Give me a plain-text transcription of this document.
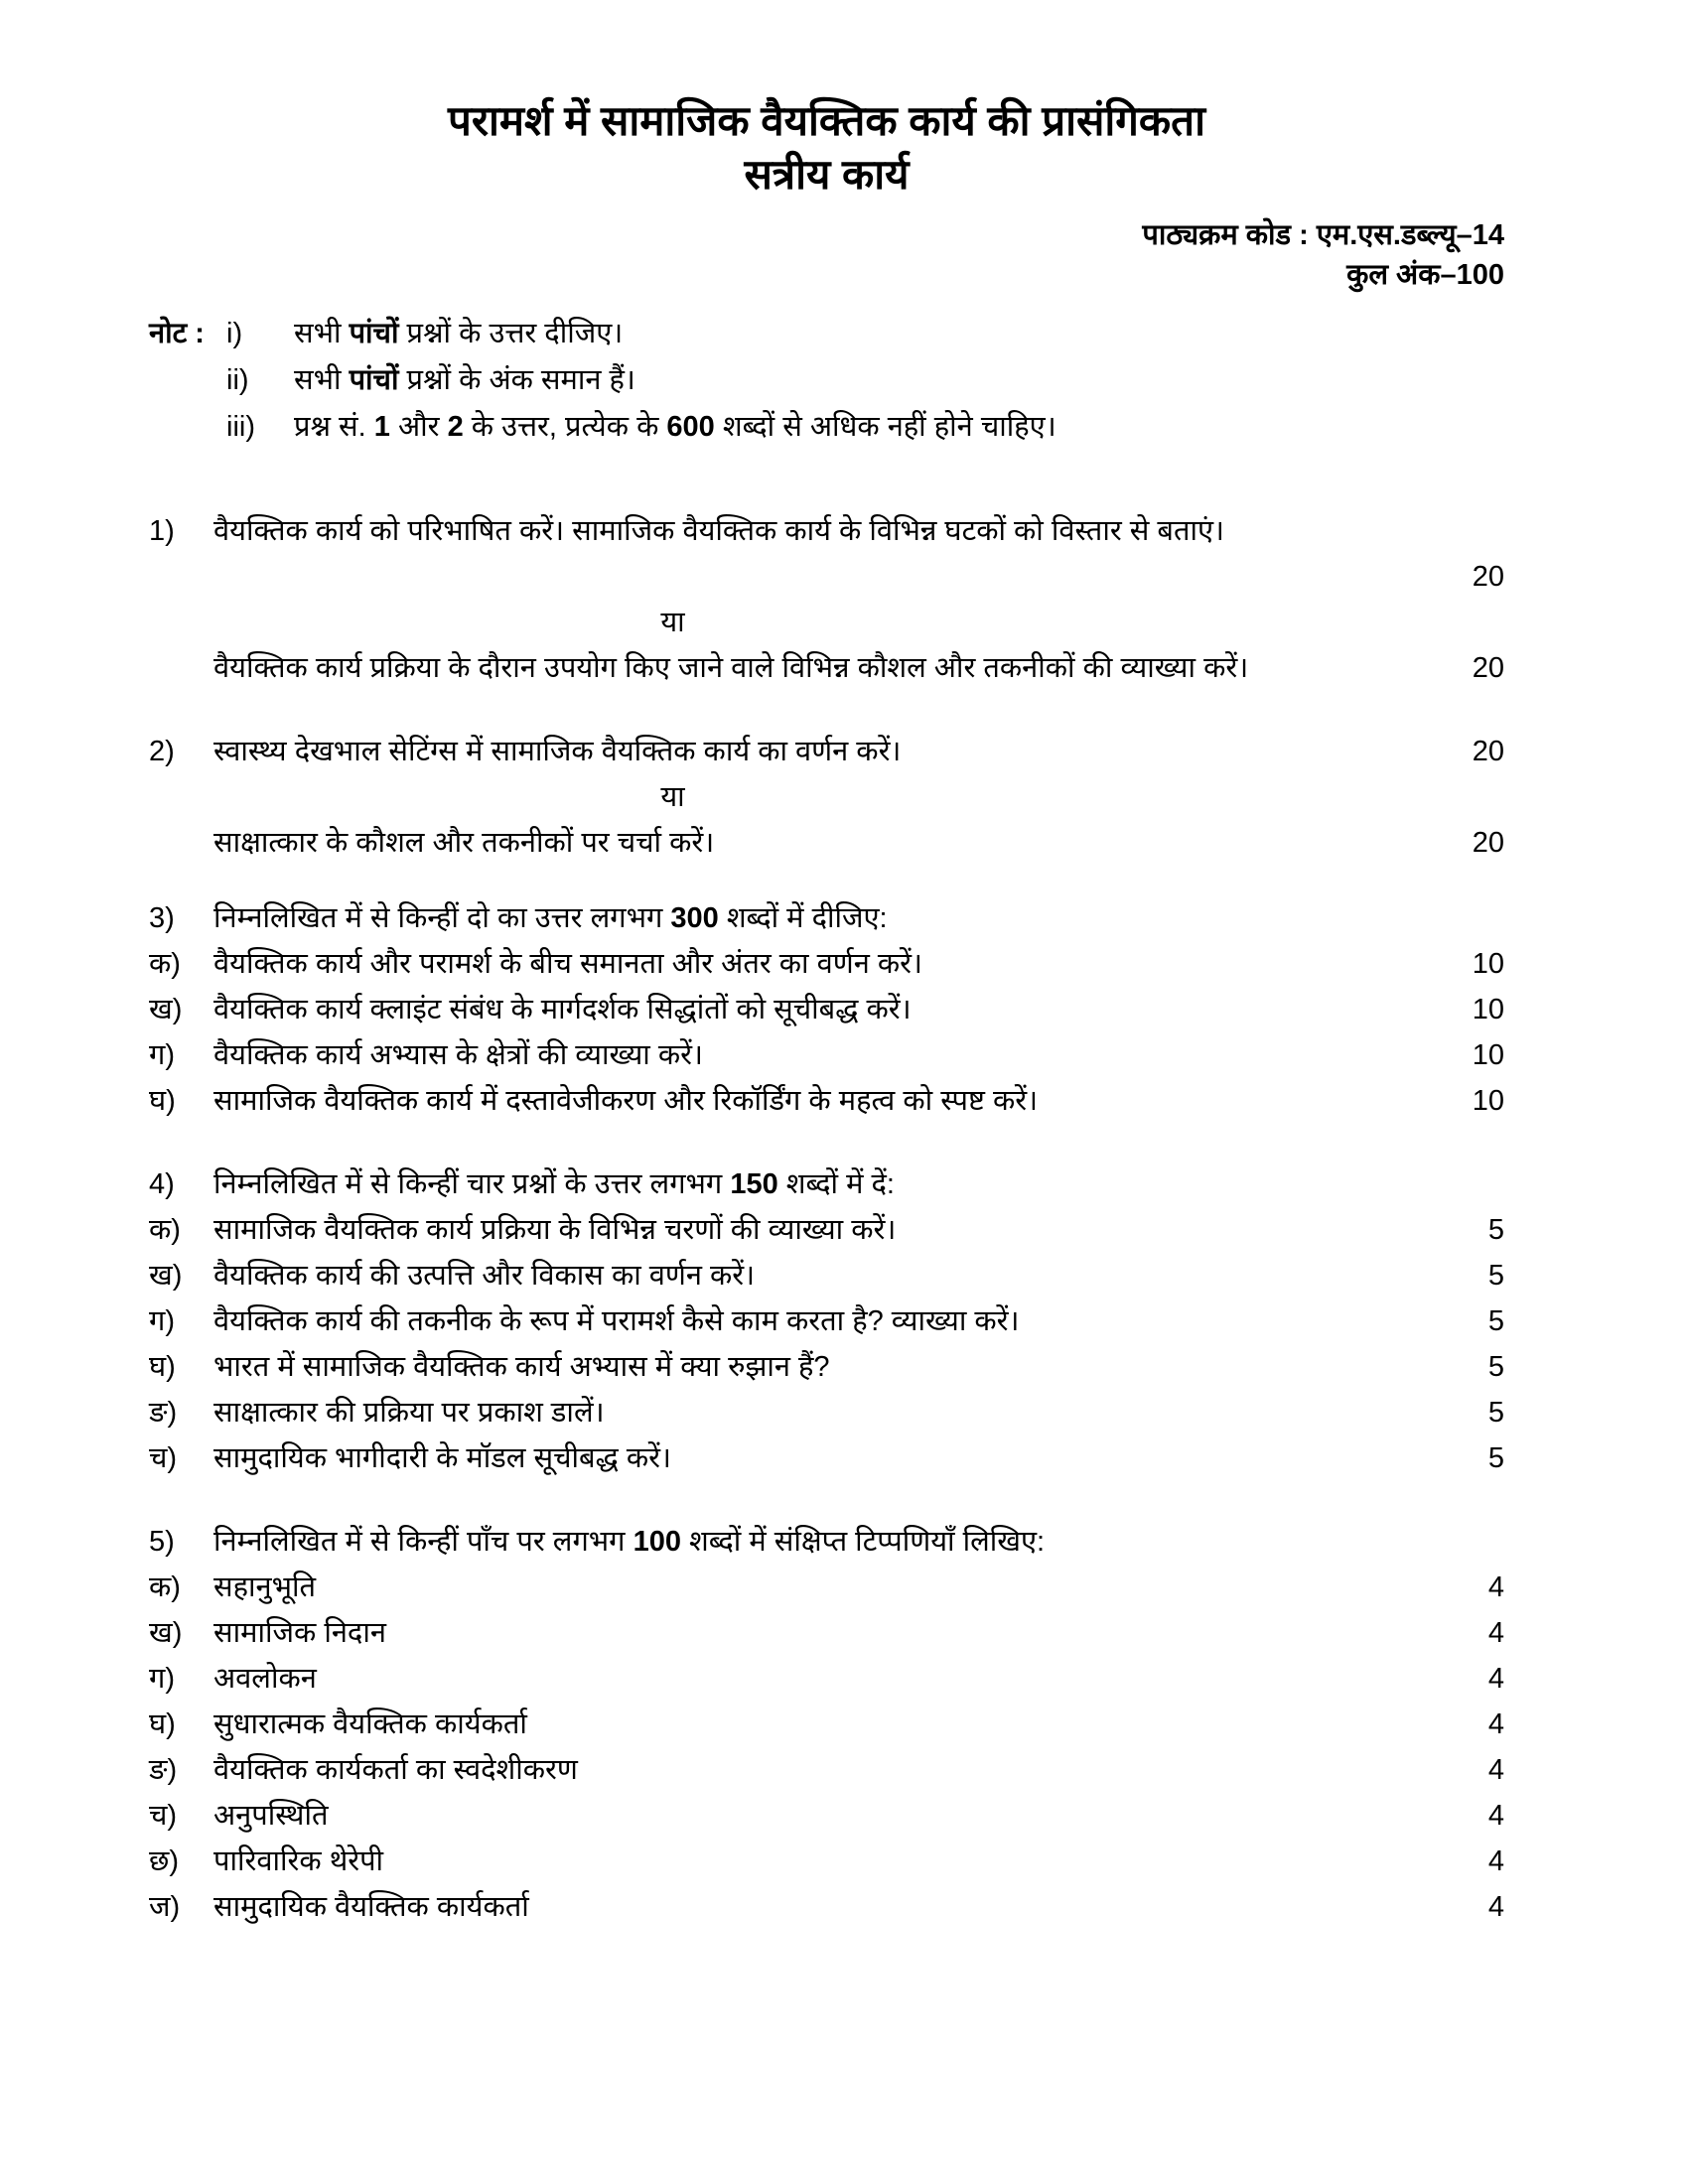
परामर्श में सामाजिक वैयक्तिक कार्य की प्रासंगिकता
सत्रीय कार्य
पाठ्यक्रम कोड : एम.एस.डब्ल्यू–14
कुल अंक–100
नोट : i)	सभी पांचों प्रश्नों के उत्तर दीजिए।
ii)	सभी पांचों प्रश्नों के अंक समान हैं।
iii)	प्रश्न सं. 1 और 2 के उत्तर, प्रत्येक के 600 शब्दों से अधिक नहीं होने चाहिए।
1)	वैयक्तिक कार्य को परिभाषित करें। सामाजिक वैयक्तिक कार्य के विभिन्न घटकों को विस्तार से बताएं।
20
या
वैयक्तिक कार्य प्रक्रिया के दौरान उपयोग किए जाने वाले विभिन्न कौशल और तकनीकों की व्याख्या करें।	20
2)	स्वास्थ्य देखभाल सेटिंग्स में सामाजिक वैयक्तिक कार्य का वर्णन करें।	20
या
साक्षात्कार के कौशल और तकनीकों पर चर्चा करें।	20
3)	निम्नलिखित में से किन्हीं दो का उत्तर लगभग 300 शब्दों में दीजिए:
क)	वैयक्तिक कार्य और परामर्श के बीच समानता और अंतर का वर्णन करें।	10
ख)	वैयक्तिक कार्य क्लाइंट संबंध के मार्गदर्शक सिद्धांतों को सूचीबद्ध करें।	10
ग)	वैयक्तिक कार्य अभ्यास के क्षेत्रों की व्याख्या करें।	10
घ)	सामाजिक वैयक्तिक कार्य में दस्तावेजीकरण और रिकॉर्डिंग के महत्व को स्पष्ट करें।	10
4)	निम्नलिखित में से किन्हीं चार प्रश्नों के उत्तर लगभग 150 शब्दों में दें:
क)	सामाजिक वैयक्तिक कार्य प्रक्रिया के विभिन्न चरणों की व्याख्या करें।	5
ख)	वैयक्तिक कार्य की उत्पत्ति और विकास का वर्णन करें।	5
ग)	वैयक्तिक कार्य की तकनीक के रूप में परामर्श कैसे काम करता है? व्याख्या करें।	5
घ)	भारत में सामाजिक वैयक्तिक कार्य अभ्यास में क्या रुझान हैं?	5
ङ)	साक्षात्कार की प्रक्रिया पर प्रकाश डालें।	5
च)	सामुदायिक भागीदारी के मॉडल सूचीबद्ध करें।	5
5)	निम्नलिखित में से किन्हीं पाँच पर लगभग 100 शब्दों में संक्षिप्त टिप्पणियाँ लिखिए:
क)	सहानुभूति	4
ख)	सामाजिक निदान	4
ग)	अवलोकन	4
घ)	सुधारात्मक वैयक्तिक कार्यकर्ता	4
ङ)	वैयक्तिक कार्यकर्ता का स्वदेशीकरण	4
च)	अनुपस्थिति	4
छ)	पारिवारिक थेरेपी	4
ज)	सामुदायिक वैयक्तिक कार्यकर्ता	4
